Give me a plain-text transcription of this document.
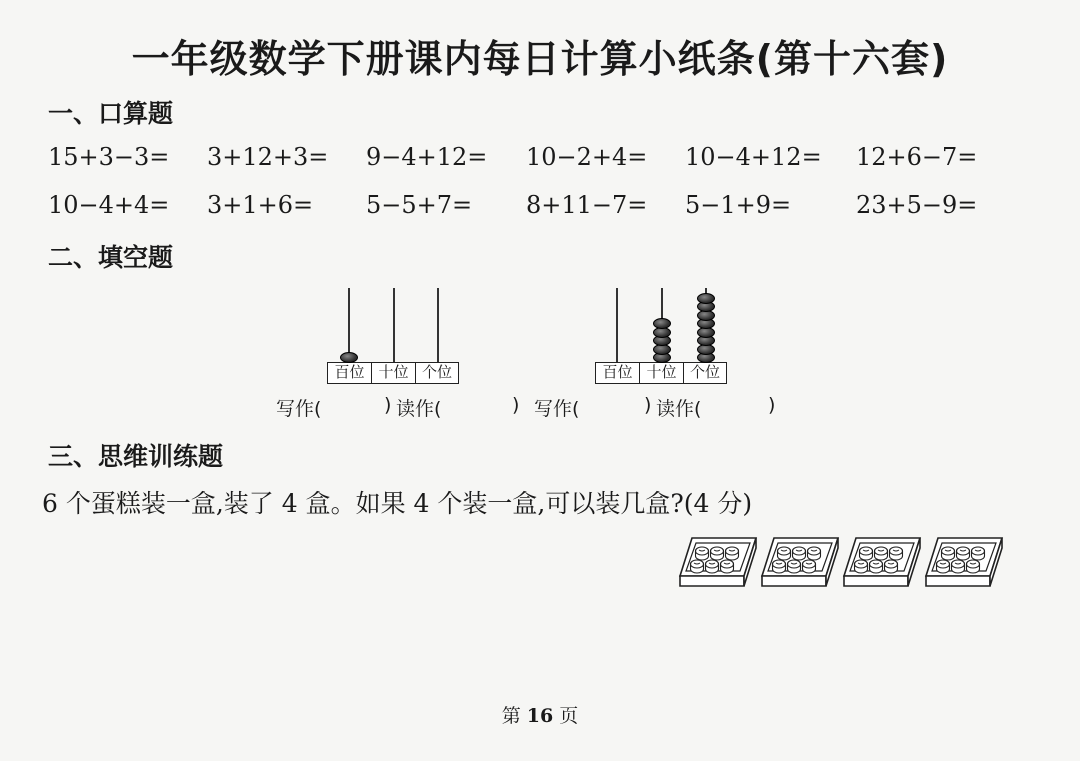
一年级数学下册课内每日计算小纸条(第十六套)
一、口算题
15+3−3= 3+12+3= 9−4+12= 10−2+4= 10−4+12= 12+6−7=
10−4+4= 3+1+6= 5−5+7= 8+11−7= 5−1+9=	23+5−9=
二、填空题
百位 十位 个位	百位 十位 个位
写作(	) 读作(	) 写作(	) 读作(	)
三、思维训练题
6 个蛋糕装一盒,装了 4 盒。如果 4 个装一盒,可以装几盒?(4 分)
第 16 页
